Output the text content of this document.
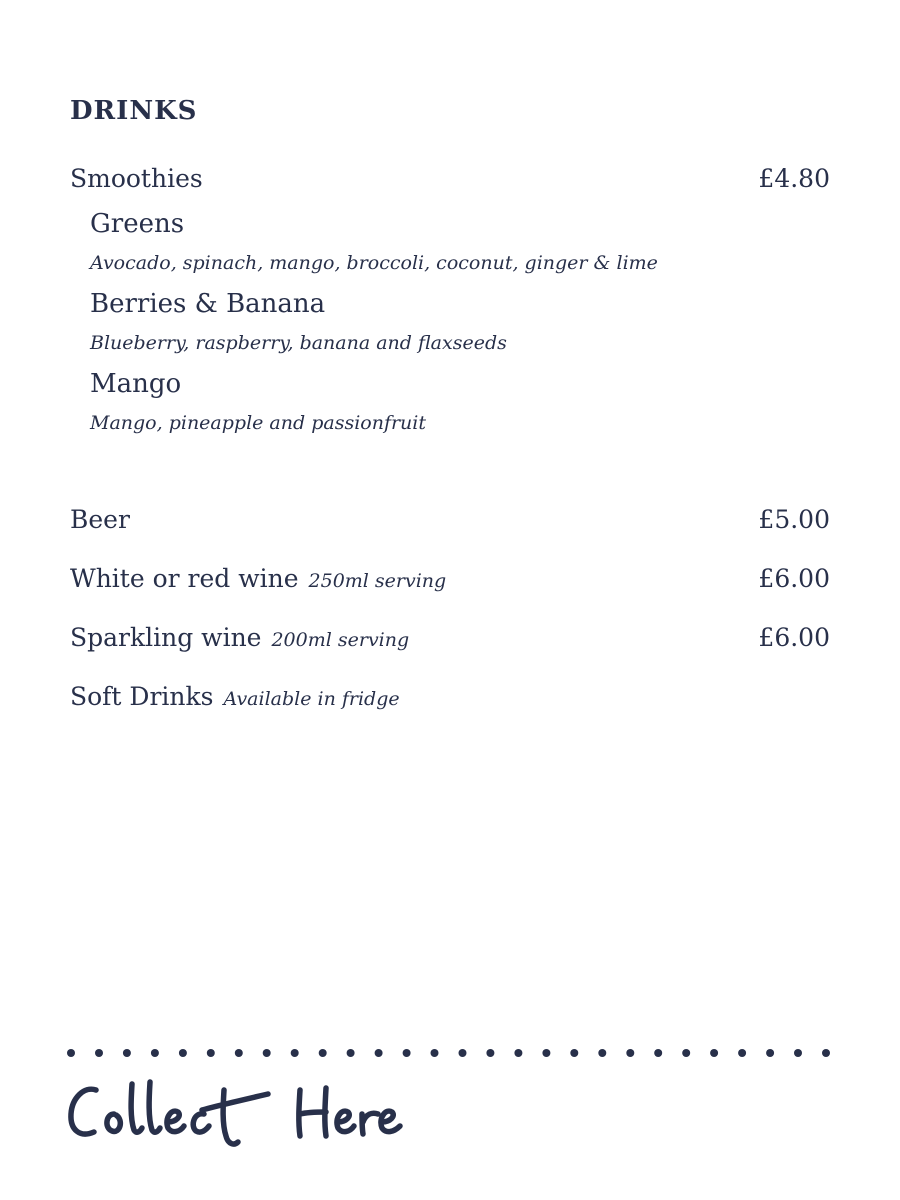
DRINKS
Smoothies	£4.80
Greens
Avocado, spinach, mango, broccoli, coconut, ginger & lime
Berries & Banana
Blueberry, raspberry, banana and flaxseeds
Mango
Mango, pineapple and passionfruit
Beer	£5.00
White or red wine 250ml serving	£6.00
Sparkling wine 200ml serving	£6.00
Soft Drinks Available in fridge
